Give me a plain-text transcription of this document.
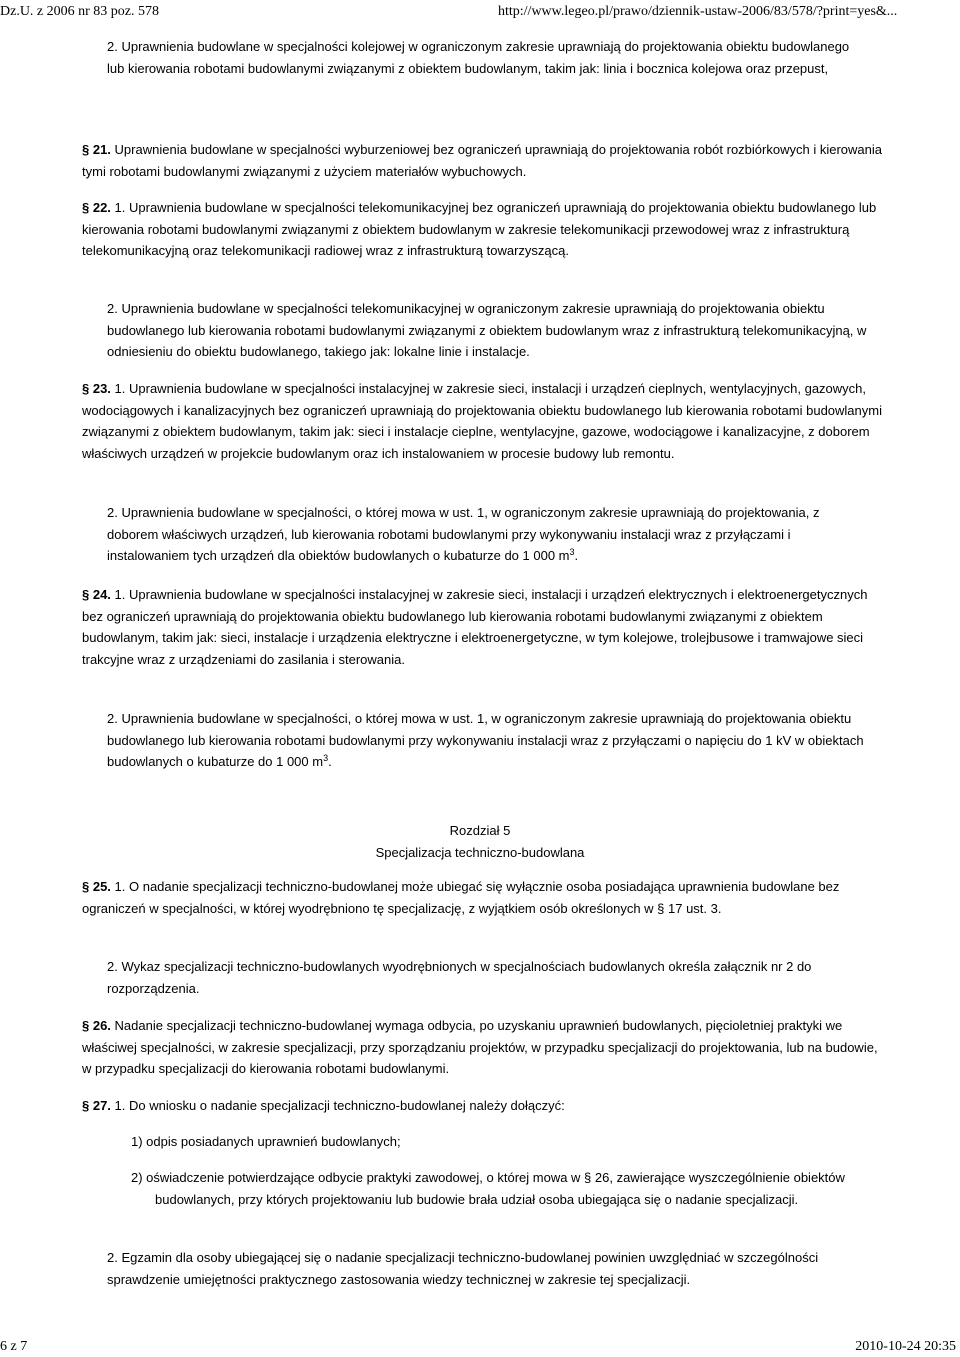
Dz.U. z 2006 nr 83 poz. 578	http://www.legeo.pl/prawo/dziennik-ustaw-2006/83/578/?print=yes&...

2. Uprawnienia budowlane w specjalności kolejowej w ograniczonym zakresie uprawniają do projektowania obiektu budowlanego lub kierowania robotami budowlanymi związanymi z obiektem budowlanym, takim jak: linia i bocznica kolejowa oraz przepust,

§ 21. Uprawnienia budowlane w specjalności wyburzeniowej bez ograniczeń uprawniają do projektowania robót rozbiórkowych i kierowania tymi robotami budowlanymi związanymi z użyciem materiałów wybuchowych.

§ 22. 1. Uprawnienia budowlane w specjalności telekomunikacyjnej bez ograniczeń uprawniają do projektowania obiektu budowlanego lub kierowania robotami budowlanymi związanymi z obiektem budowlanym w zakresie telekomunikacji przewodowej wraz z infrastrukturą telekomunikacyjną oraz telekomunikacji radiowej wraz z infrastrukturą towarzyszącą.

2. Uprawnienia budowlane w specjalności telekomunikacyjnej w ograniczonym zakresie uprawniają do projektowania obiektu budowlanego lub kierowania robotami budowlanymi związanymi z obiektem budowlanym wraz z infrastrukturą telekomunikacyjną, w odniesieniu do obiektu budowlanego, takiego jak: lokalne linie i instalacje.

§ 23. 1. Uprawnienia budowlane w specjalności instalacyjnej w zakresie sieci, instalacji i urządzeń cieplnych, wentylacyjnych, gazowych, wodociągowych i kanalizacyjnych bez ograniczeń uprawniają do projektowania obiektu budowlanego lub kierowania robotami budowlanymi związanymi z obiektem budowlanym, takim jak: sieci i instalacje cieplne, wentylacyjne, gazowe, wodociągowe i kanalizacyjne, z doborem właściwych urządzeń w projekcie budowlanym oraz ich instalowaniem w procesie budowy lub remontu.

2. Uprawnienia budowlane w specjalności, o której mowa w ust. 1, w ograniczonym zakresie uprawniają do projektowania, z doborem właściwych urządzeń, lub kierowania robotami budowlanymi przy wykonywaniu instalacji wraz z przyłączami i instalowaniem tych urządzeń dla obiektów budowlanych o kubaturze do 1 000 $m^3$.

§ 24. 1. Uprawnienia budowlane w specjalności instalacyjnej w zakresie sieci, instalacji i urządzeń elektrycznych i elektroenergetycznych bez ograniczeń uprawniają do projektowania obiektu budowlanego lub kierowania robotami budowlanymi związanymi z obiektem budowlanym, takim jak: sieci, instalacje i urządzenia elektryczne i elektroenergetyczne, w tym kolejowe, trolejbusowe i tramwajowe sieci trakcyjne wraz z urządzeniami do zasilania i sterowania.

2. Uprawnienia budowlane w specjalności, o której mowa w ust. 1, w ograniczonym zakresie uprawniają do projektowania obiektu budowlanego lub kierowania robotami budowlanymi przy wykonywaniu instalacji wraz z przyłączami o napięciu do 1 kV w obiektach budowlanych o kubaturze do 1 000 $m^3$.

Rozdział 5
Specjalizacja techniczno-budowlana
§ 25. 1. O nadanie specjalizacji techniczno-budowlanej może ubiegać się wyłącznie osoba posiadająca uprawnienia budowlane bez ograniczeń w specjalności, w której wyodrębniono tę specjalizację, z wyjątkiem osób określonych w § 17 ust. 3.

2. Wykaz specjalizacji techniczno-budowlanych wyodrębnionych w specjalnościach budowlanych określa załącznik nr 2 do rozporządzenia.

§ 26. Nadanie specjalizacji techniczno-budowlanej wymaga odbycia, po uzyskaniu uprawnień budowlanych, pięcioletniej praktyki we właściwej specjalności, w zakresie specjalizacji, przy sporządzaniu projektów, w przypadku specjalizacji do projektowania, lub na budowie, w przypadku specjalizacji do kierowania robotami budowlanymi.

§ 27. 1. Do wniosku o nadanie specjalizacji techniczno-budowlanej należy dołączyć:

1) odpis posiadanych uprawnień budowlanych;

2) oświadczenie potwierdzające odbycie praktyki zawodowej, o której mowa w § 26, zawierające wyszczególnienie obiektów budowlanych, przy których projektowaniu lub budowie brała udział osoba ubiegająca się o nadanie specjalizacji.

2. Egzamin dla osoby ubiegającej się o nadanie specjalizacji techniczno-budowlanej powinien uwzględniać w szczególności sprawdzenie umiejętności praktycznego zastosowania wiedzy technicznej w zakresie tej specjalizacji.

6 z 7	2010-10-24 20:35
